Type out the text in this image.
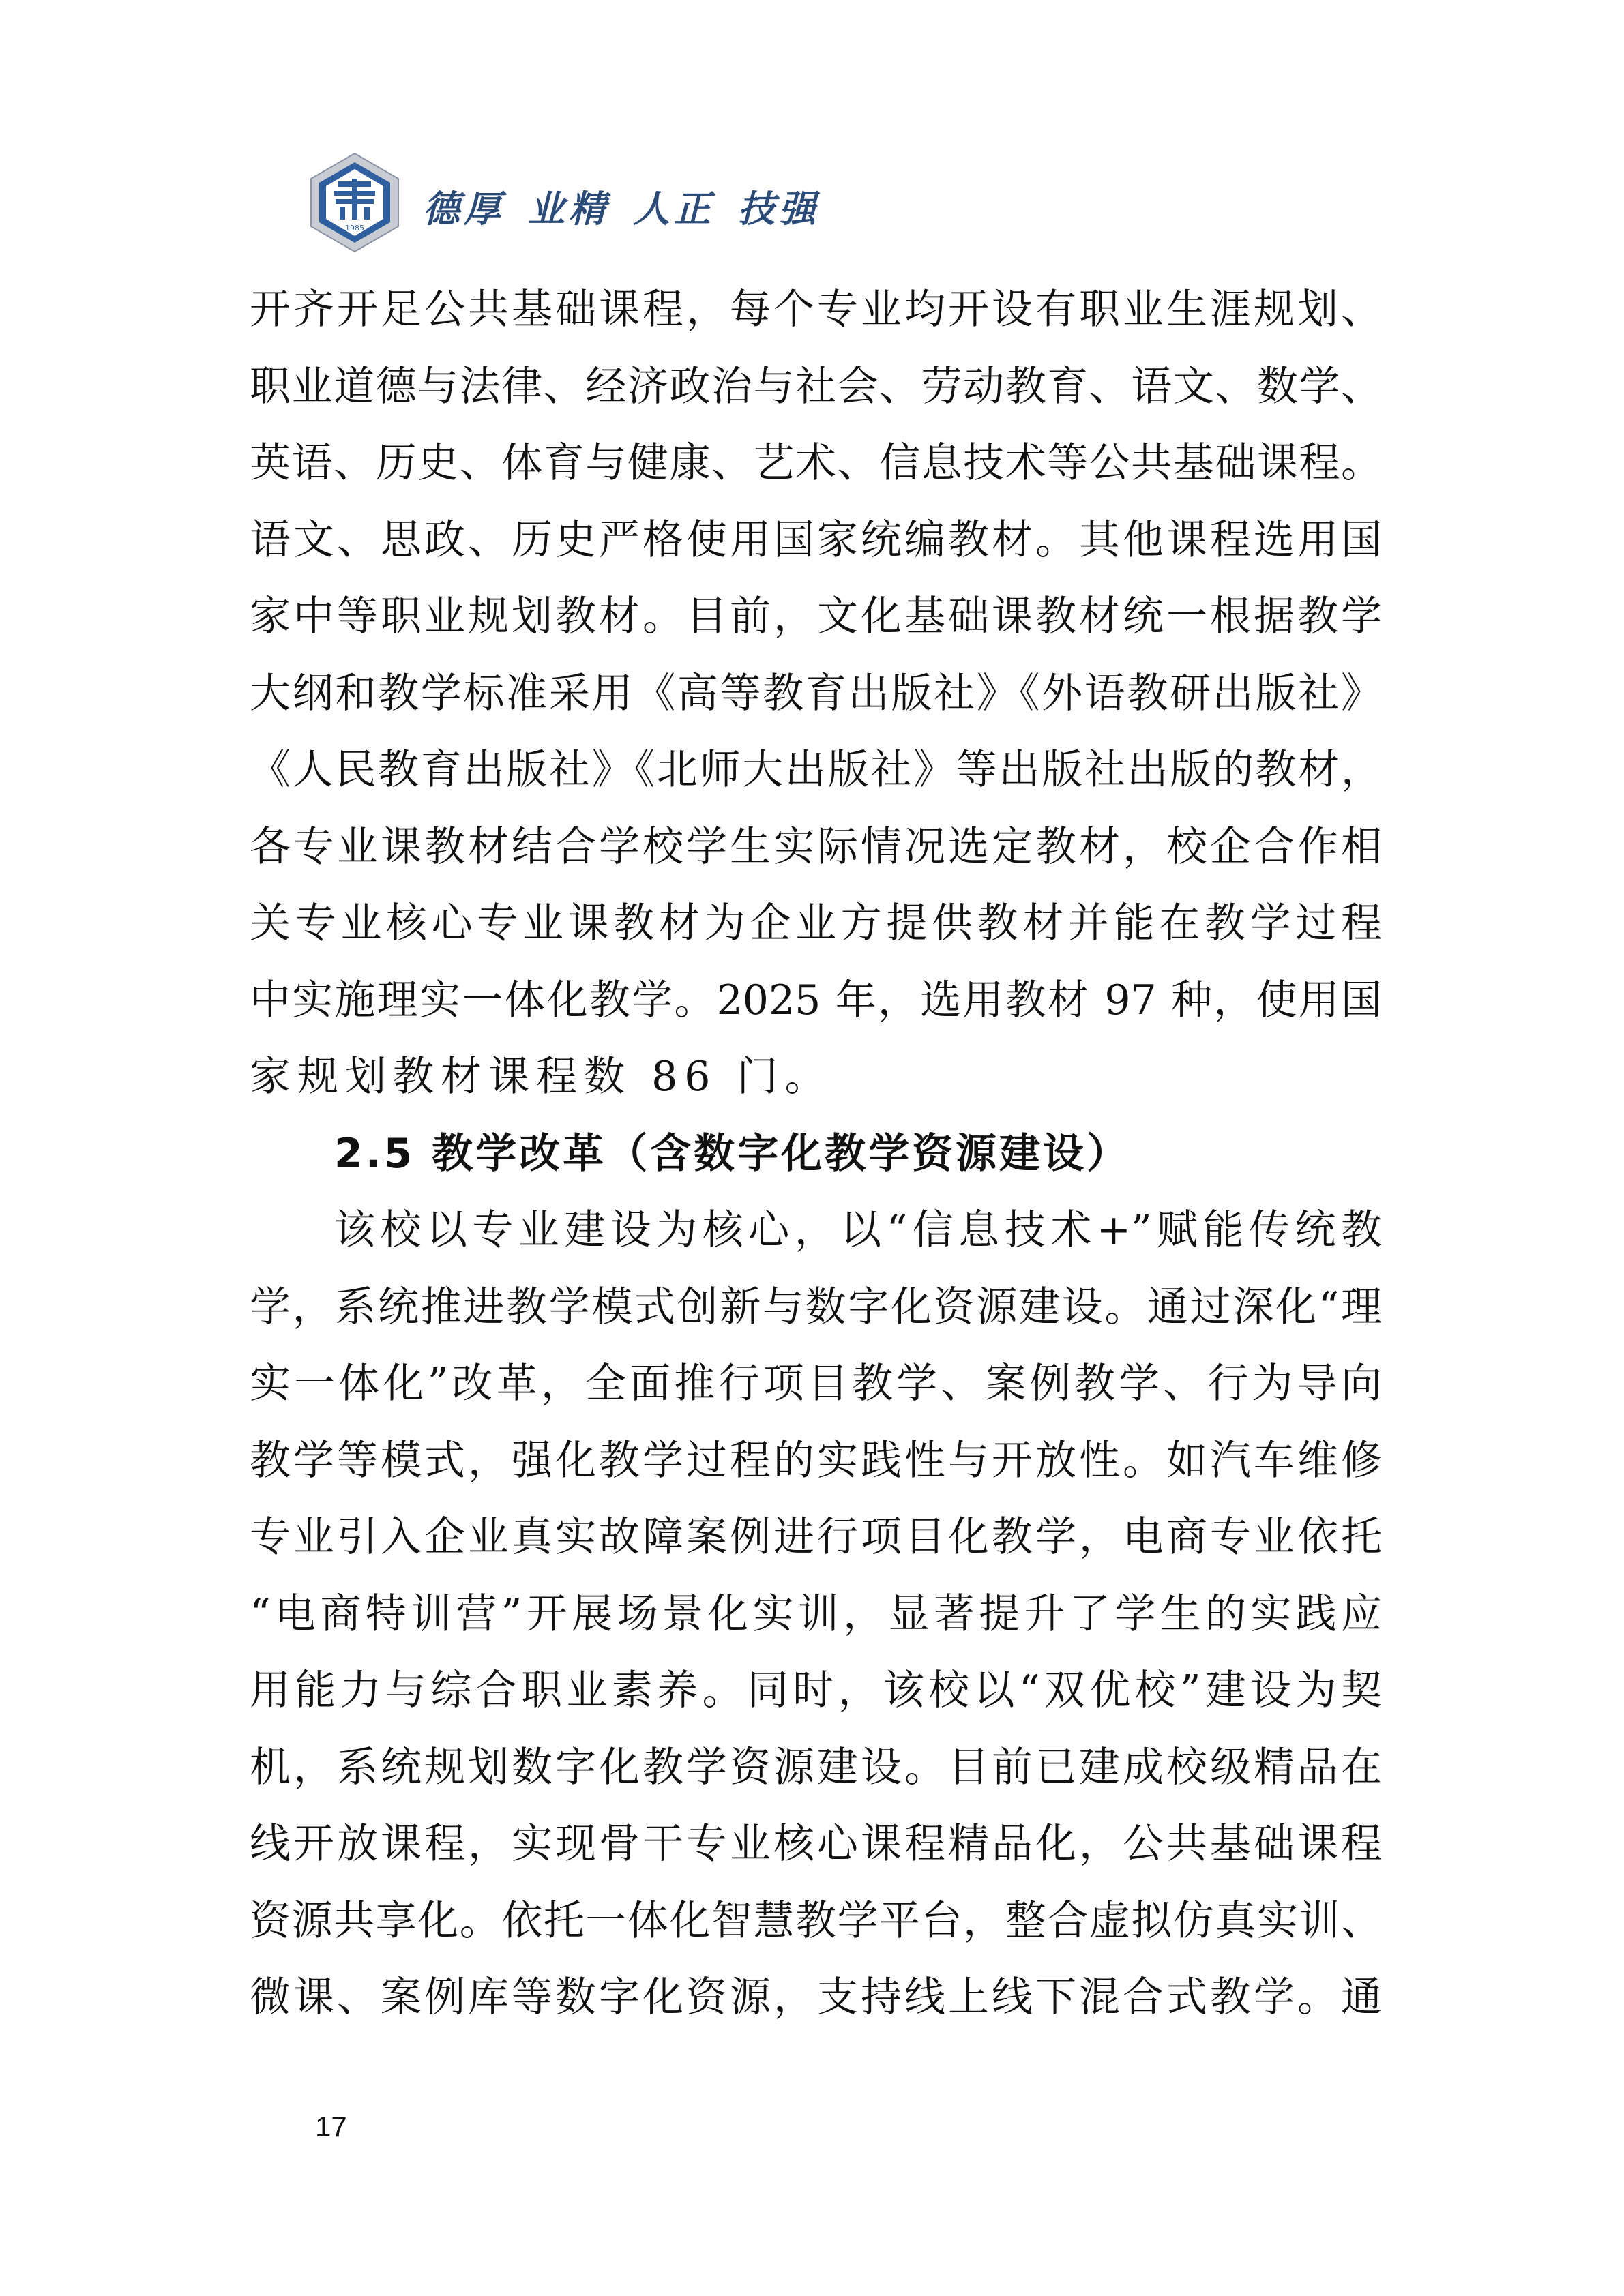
1985 德厚 业精 人正 技强
开齐开足公共基础课程，每个专业均开设有职业生涯规划、
职业道德与法律、经济政治与社会、劳动教育、语文、数学、
英语、历史、体育与健康、艺术、信息技术等公共基础课程。
语文、思政、历史严格使用国家统编教材。其他课程选用国
家中等职业规划教材。目前，文化基础课教材统一根据教学
大纲和教学标准采用《高等教育出版社》《外语教研出版社》
《人民教育出版社》《北师大出版社》等出版社出版的教材，
各专业课教材结合学校学生实际情况选定教材，校企合作相
关专业核心专业课教材为企业方提供教材并能在教学过程
中实施理实一体化教学。2025 年，选用教材 97 种，使用国
家规划教材课程数 86 门。
2.5 教学改革（含数字化教学资源建设）
该校以专业建设为核心，以“信息技术+”赋能传统教
学，系统推进教学模式创新与数字化资源建设。通过深化“理
实一体化”改革，全面推行项目教学、案例教学、行为导向
教学等模式，强化教学过程的实践性与开放性。如汽车维修
专业引入企业真实故障案例进行项目化教学，电商专业依托
“电商特训营”开展场景化实训，显著提升了学生的实践应
用能力与综合职业素养。同时，该校以“双优校”建设为契
机，系统规划数字化教学资源建设。目前已建成校级精品在
线开放课程，实现骨干专业核心课程精品化，公共基础课程
资源共享化。依托一体化智慧教学平台，整合虚拟仿真实训、
微课、案例库等数字化资源，支持线上线下混合式教学。通
17
